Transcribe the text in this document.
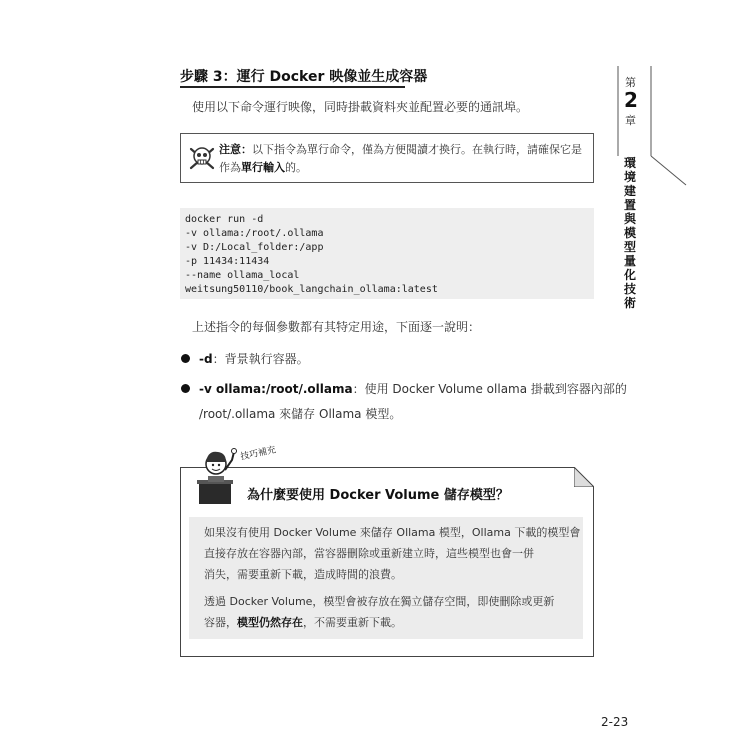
步驟 3：運行 Docker 映像並生成容器
使用以下命令運行映像，同時掛載資料夾並配置必要的通訊埠。
注意：以下指令為單行命令，僅為方便閱讀才換行。在執行時，請確保它是
作為單行輸入的。
docker run -d
-v ollama:/root/.ollama
-v D:/Local_folder:/app
-p 11434:11434
--name ollama_local
weitsung50110/book_langchain_ollama:latest
上述指令的每個參數都有其特定用途，下面逐一說明：
-d：背景執行容器。
-v ollama:/root/.ollama：使用 Docker Volume ollama 掛載到容器內部的
/root/.ollama 來儲存 Ollama 模型。
技巧補充
為什麼要使用 Docker Volume 儲存模型？
如果沒有使用 Docker Volume 來儲存 Ollama 模型，Ollama 下載的模型會
直接存放在容器內部，當容器刪除或重新建立時，這些模型也會一併
消失，需要重新下載，造成時間的浪費。
透過 Docker Volume，模型會被存放在獨立儲存空間，即使刪除或更新
容器，模型仍然存在，不需要重新下載。
第
2
章
環境建置與模型量化技術
2-23
